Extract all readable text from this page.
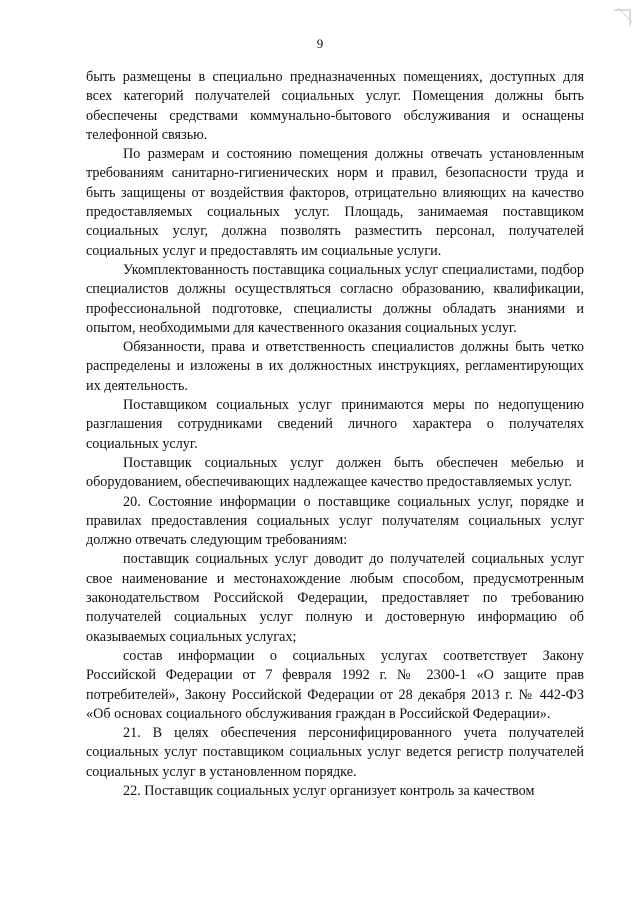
9

быть размещены в специально предназначенных помещениях, доступных для всех категорий получателей социальных услуг. Помещения должны быть обеспечены средствами коммунально-бытового обслуживания и оснащены телефонной связью.

По размерам и состоянию помещения должны отвечать установленным требованиям санитарно-гигиенических норм и правил, безопасности труда и быть защищены от воздействия факторов, отрицательно влияющих на качество предоставляемых социальных услуг. Площадь, занимаемая поставщиком социальных услуг, должна позволять разместить персонал, получателей социальных услуг и предоставлять им социальные услуги.

Укомплектованность поставщика социальных услуг специалистами, подбор специалистов должны осуществляться согласно образованию, квалификации, профессиональной подготовке, специалисты должны обладать знаниями и опытом, необходимыми для качественного оказания социальных услуг.

Обязанности, права и ответственность специалистов должны быть четко распределены и изложены в их должностных инструкциях, регламентирующих их деятельность.

Поставщиком социальных услуг принимаются меры по недопущению разглашения сотрудниками сведений личного характера о получателях социальных услуг.

Поставщик социальных услуг должен быть обеспечен мебелью и оборудованием, обеспечивающих надлежащее качество предоставляемых услуг.

20. Состояние информации о поставщике социальных услуг, порядке и правилах предоставления социальных услуг получателям социальных услуг должно отвечать следующим требованиям:

поставщик социальных услуг доводит до получателей социальных услуг свое наименование и местонахождение любым способом, предусмотренным законодательством Российской Федерации, предоставляет по требованию получателей социальных услуг полную и достоверную информацию об оказываемых социальных услугах;

состав информации о социальных услугах соответствует Закону Российской Федерации от 7 февраля 1992 г. № 2300-1 «О защите прав потребителей», Закону Российской Федерации от 28 декабря 2013 г. № 442-ФЗ «Об основах социального обслуживания граждан в Российской Федерации».

21. В целях обеспечения персонифицированного учета получателей социальных услуг поставщиком социальных услуг ведется регистр получателей социальных услуг в установленном порядке.

22. Поставщик социальных услуг организует контроль за качеством
